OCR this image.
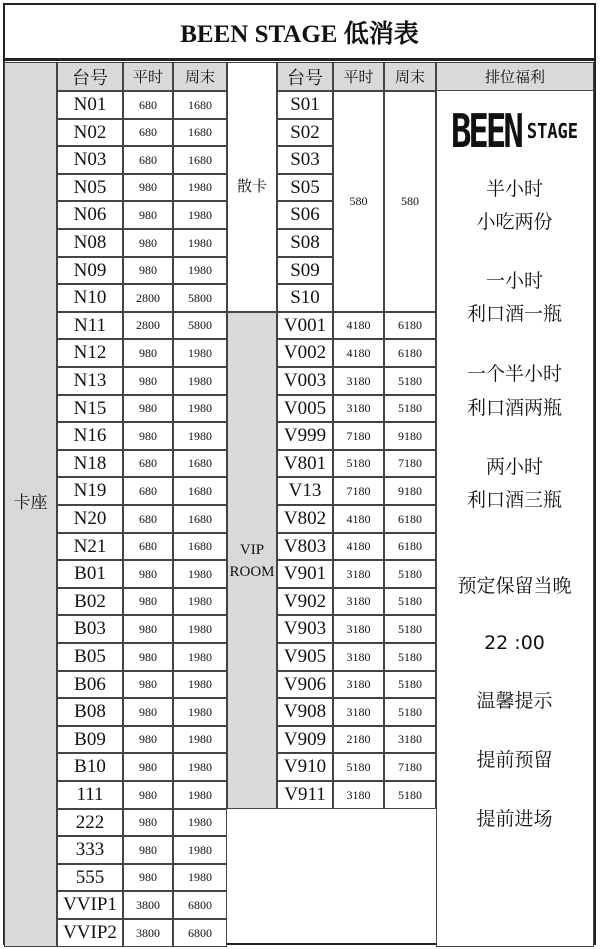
BEEN STAGE 低消表
卡座
台号	平时	周末
N01	680	1680
N02	680	1680
N03	680	1680
N05	980	1980
N06	980	1980
N08	980	1980
N09	980	1980
N10	2800	5800
N11	2800	5800
N12	980	1980
N13	980	1980
N15	980	1980
N16	980	1980
N18	680	1680
N19	680	1680
N20	680	1680
N21	680	1680
B01	980	1980
B02	980	1980
B03	980	1980
B05	980	1980
B06	980	1980
B08	980	1980
B09	980	1980
B10	980	1980
111	980	1980
222	980	1980
333	980	1980
555	980	1980
VVIP1	3800	6800
VVIP2	3800	6800
散卡
VIP
ROOM
台号	平时	周末	排位福利
S01
S02
S03
S05
S06
S08
S09
S10
580	580
V001	4180	6180
V002	4180	6180
V003	3180	5180
V005	3180	5180
V999	7180	9180
V801	5180	7180
V13	7180	9180
V802	4180	6180
V803	4180	6180
V901	3180	5180
V902	3180	5180
V903	3180	5180
V905	3180	5180
V906	3180	5180
V908	3180	5180
V909	2180	3180
V910	5180	7180
V911	3180	5180
BEEN STAGE
半小时
小吃两份
一小时
利口酒一瓶
一个半小时
利口酒两瓶
两小时
利口酒三瓶
预定保留当晚
22 :00
温馨提示
提前预留
提前进场
